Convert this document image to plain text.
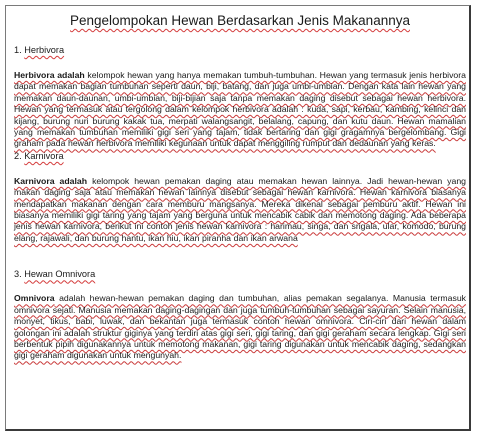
Pengelompokan Hewan Berdasarkan Jenis Makanannya
1. Herbivora

Herbivora adalah kelompok hewan yang hanya memakan tumbuh-tumbuhan. Hewan yang termasuk jenis herbivora dapat memakan bagian tumbuhan seperti daun, biji, batang, dan juga umbi-umbian. Dengan kata lain hewan yang memakan daun-daunan, umbi-umbian, biji-bijian saja tanpa memakan daging disebut sebagai hewan herbivora. Hewan yang termasuk atau tergolong dalam kelompok herbivora adalah : kuda, sapi, kerbau, kambing, kelinci dan kijang, burung nuri burung kakak tua, merpati walangsangit, belalang, capung, dan kutu daun. Hewan mamalian yang memakan tumbuhan memiliki gigi seri yang tajam, tidak bertaring dan gigi gragamnya bergelombang. Gigi graham pada hewan herbivora memiliki kegunaan untuk dapat menggiling rumput dan dedaunan yang keras.

2. Karnivora

Karnivora adalah kelompok hewan pemakan daging atau memakan hewan lainnya. Jadi hewan-hewan yang makan daging saja atau memakan hewan lainnya disebut sebagai hewan karnivora. Hewan karnivora biasanya mendapatkan makanan dengan cara memburu mangsanya. Mereka dikenal sebagai pemburu aktif. Hewan ini biasanya memiliki gigi taring yang tajam yang berguna untuk mencabik cabik dan memotong daging. Ada beberapa jenis hewan karnivora, berikut ini contoh jenis hewan karnivora : harimau, singa, dan srigala, ular, komodo, burung elang, rajawali, dan burung hantu, ikan hiu, ikan piranha dan ikan arwana

3. Hewan Omnivora

Omnivora adalah hewan-hewan pemakan daging dan tumbuhan, alias pemakan segalanya. Manusia termasuk omnivora sejati. Manusia memakan daging-dagingan dan juga tumbuh-tumbuhan sebagai sayuran. Selain manusia, monyet, tikus, babi, luwak, dan bekantan juga termasuk contoh hewan omnivora. Ciri-ciri dari hewan dalam golongan ini adalah struktur giginya yang terdiri atas gigi seri, gigi taring, dan gigi geraham secara lengkap. Gigi seri berbentuk pipih digunakannya untuk memotong makanan, gigi taring digunakan untuk mencabik daging, sedangkan gigi geraham digunakan untuk mengunyah.
